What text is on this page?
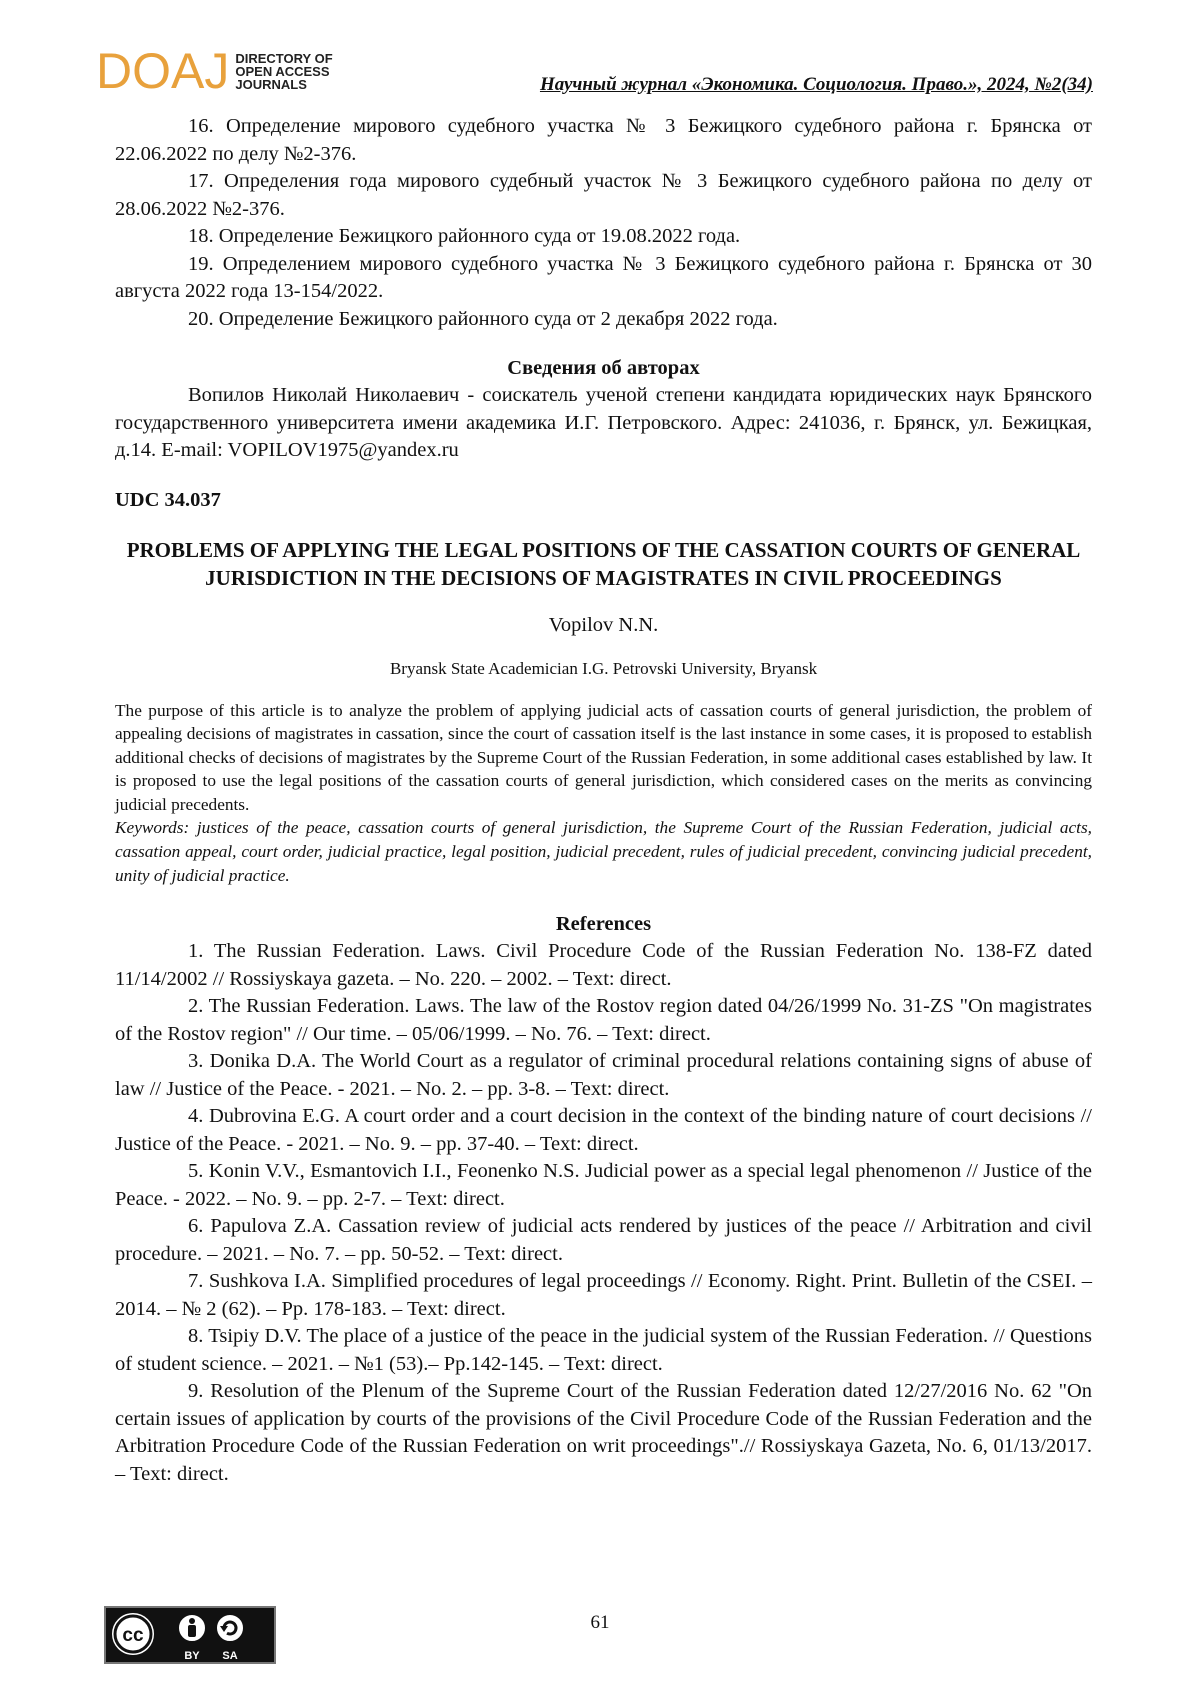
DOAJ DIRECTORY OF
OPEN ACCESS
JOURNALS	Научный журнал «Экономика. Социология. Право.», 2024, №2(34)

16. Определение мирового судебного участка № 3 Бежицкого судебного района г. Брянска от 22.06.2022 по делу №2-376.

17. Определения года мирового судебный участок № 3 Бежицкого судебного района по делу от 28.06.2022 №2-376.

18. Определение Бежицкого районного суда от 19.08.2022 года.

19. Определением мирового судебного участка № 3 Бежицкого судебного района г. Брянска от 30 августа 2022 года 13-154/2022.

20. Определение Бежицкого районного суда от 2 декабря 2022 года.

Сведения об авторах

Вопилов Николай Николаевич - соискатель ученой степени кандидата юридических наук Брянского государственного университета имени академика И.Г. Петровского. Адрес: 241036, г. Брянск, ул. Бежицкая, д.14. E-mail: VOPILOV1975@yandex.ru

UDC 34.037

PROBLEMS OF APPLYING THE LEGAL POSITIONS OF THE CASSATION COURTS OF GENERAL JURISDICTION IN THE DECISIONS OF MAGISTRATES IN CIVIL PROCEEDINGS

Vopilov N.N.

Bryansk State Academician I.G. Petrovski University, Bryansk

The purpose of this article is to analyze the problem of applying judicial acts of cassation courts of general jurisdiction, the problem of appealing decisions of magistrates in cassation, since the court of cassation itself is the last instance in some cases, it is proposed to establish additional checks of decisions of magistrates by the Supreme Court of the Russian Federation, in some additional cases established by law. It is proposed to use the legal positions of the cassation courts of general jurisdiction, which considered cases on the merits as convincing judicial precedents.

Keywords: justices of the peace, cassation courts of general jurisdiction, the Supreme Court of the Russian Federation, judicial acts, cassation appeal, court order, judicial practice, legal position, judicial precedent, rules of judicial precedent, convincing judicial precedent, unity of judicial practice.

References

1. The Russian Federation. Laws. Civil Procedure Code of the Russian Federation No. 138-FZ dated 11/14/2002 // Rossiyskaya gazeta. – No. 220. – 2002. – Text: direct.

2. The Russian Federation. Laws. The law of the Rostov region dated 04/26/1999 No. 31-ZS "On magistrates of the Rostov region" // Our time. – 05/06/1999. – No. 76. – Text: direct.

3. Donika D.A. The World Court as a regulator of criminal procedural relations containing signs of abuse of law // Justice of the Peace. - 2021. – No. 2. – pp. 3-8. – Text: direct.

4. Dubrovina E.G. A court order and a court decision in the context of the binding nature of court decisions // Justice of the Peace. - 2021. – No. 9. – pp. 37-40. – Text: direct.

5. Konin V.V., Esmantovich I.I., Feonenko N.S. Judicial power as a special legal phenomenon // Justice of the Peace. - 2022. – No. 9. – pp. 2-7. – Text: direct.

6. Papulova Z.A. Cassation review of judicial acts rendered by justices of the peace // Arbitration and civil procedure. – 2021. – No. 7. – pp. 50-52. – Text: direct.

7. Sushkova I.A. Simplified procedures of legal proceedings // Economy. Right. Print. Bulletin of the CSEI. – 2014. – № 2 (62). – Pp. 178-183. – Text: direct.

8. Tsipiy D.V. The place of a justice of the peace in the judicial system of the Russian Federation. // Questions of student science. – 2021. – №1 (53).– Pp.142-145. – Text: direct.

9. Resolution of the Plenum of the Supreme Court of the Russian Federation dated 12/27/2016 No. 62 "On certain issues of application by courts of the provisions of the Civil Procedure Code of the Russian Federation and the Arbitration Procedure Code of the Russian Federation on writ proceedings".// Rossiyskaya Gazeta, No. 6, 01/13/2017. – Text: direct.

cc
BY SA
61
